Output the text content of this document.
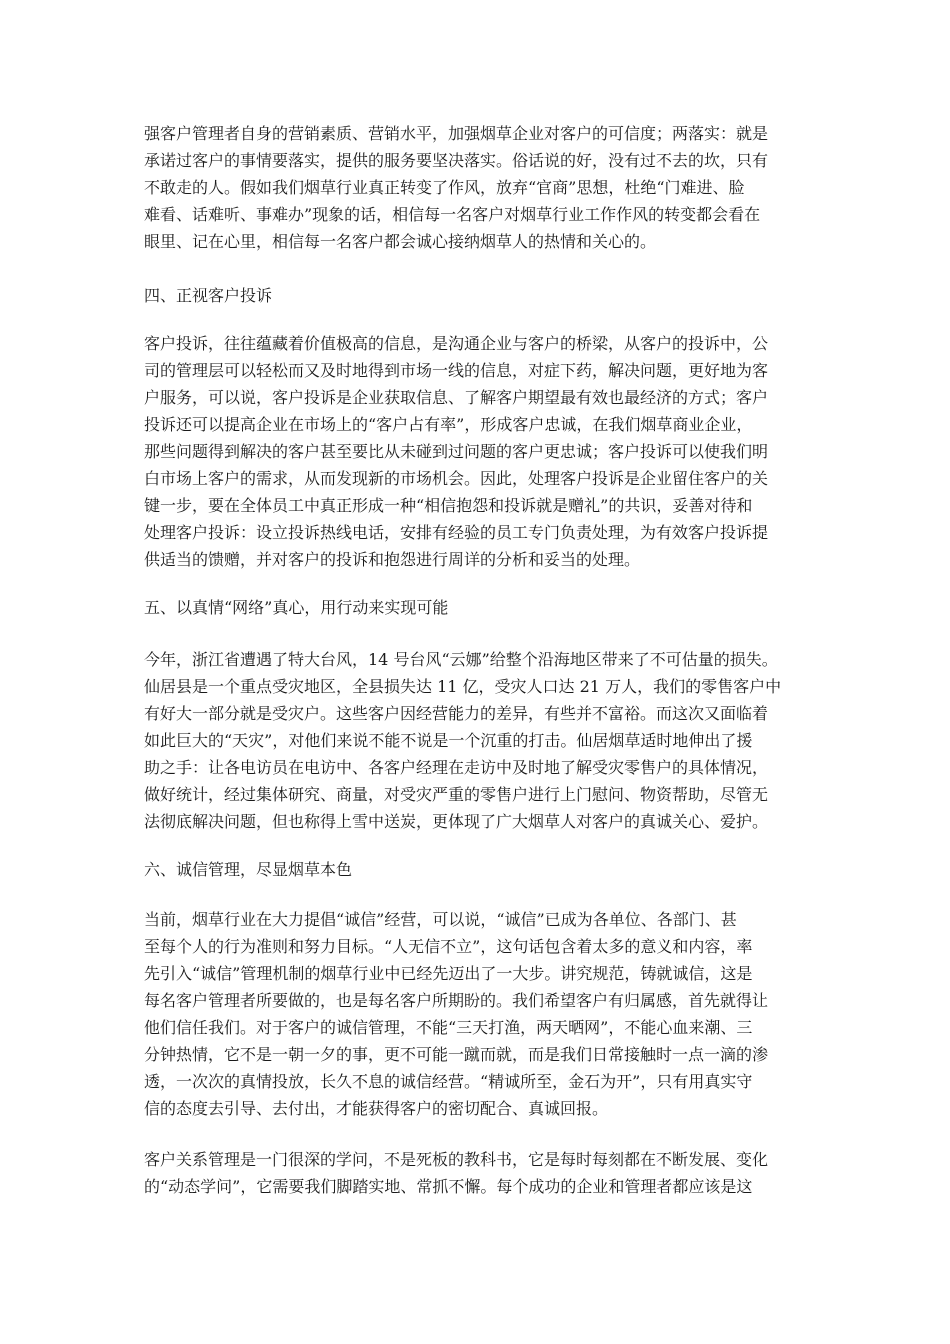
强客户管理者自身的营销素质、营销水平，加强烟草企业对客户的可信度；两落实：就是
承诺过客户的事情要落实，提供的服务要坚决落实。俗话说的好，没有过不去的坎，只有
不敢走的人。假如我们烟草行业真正转变了作风，放弃“官商”思想，杜绝“门难进、脸
难看、话难听、事难办”现象的话，相信每一名客户对烟草行业工作作风的转变都会看在
眼里、记在心里，相信每一名客户都会诚心接纳烟草人的热情和关心的。
四、正视客户投诉
客户投诉，往往蕴藏着价值极高的信息，是沟通企业与客户的桥梁，从客户的投诉中，公
司的管理层可以轻松而又及时地得到市场一线的信息，对症下药，解决问题，更好地为客
户服务，可以说，客户投诉是企业获取信息、了解客户期望最有效也最经济的方式；客户
投诉还可以提高企业在市场上的“客户占有率”，形成客户忠诚，在我们烟草商业企业，
那些问题得到解决的客户甚至要比从未碰到过问题的客户更忠诚；客户投诉可以使我们明
白市场上客户的需求，从而发现新的市场机会。因此，处理客户投诉是企业留住客户的关
键一步，要在全体员工中真正形成一种“相信抱怨和投诉就是赠礼”的共识，妥善对待和
处理客户投诉：设立投诉热线电话，安排有经验的员工专门负责处理，为有效客户投诉提
供适当的馈赠，并对客户的投诉和抱怨进行周详的分析和妥当的处理。
五、以真情“网络”真心，用行动来实现可能
今年，浙江省遭遇了特大台风，14 号台风“云娜”给整个沿海地区带来了不可估量的损失。
仙居县是一个重点受灾地区，全县损失达 11 亿，受灾人口达 21 万人，我们的零售客户中
有好大一部分就是受灾户。这些客户因经营能力的差异，有些并不富裕。而这次又面临着
如此巨大的“天灾”，对他们来说不能不说是一个沉重的打击。仙居烟草适时地伸出了援
助之手：让各电访员在电访中、各客户经理在走访中及时地了解受灾零售户的具体情况，
做好统计，经过集体研究、商量，对受灾严重的零售户进行上门慰问、物资帮助，尽管无
法彻底解决问题，但也称得上雪中送炭，更体现了广大烟草人对客户的真诚关心、爱护。
六、诚信管理，尽显烟草本色
当前，烟草行业在大力提倡“诚信”经营，可以说，“诚信”已成为各单位、各部门、甚
至每个人的行为准则和努力目标。“人无信不立”，这句话包含着太多的意义和内容，率
先引入“诚信”管理机制的烟草行业中已经先迈出了一大步。讲究规范，铸就诚信，这是
每名客户管理者所要做的，也是每名客户所期盼的。我们希望客户有归属感，首先就得让
他们信任我们。对于客户的诚信管理，不能“三天打渔，两天晒网”，不能心血来潮、三
分钟热情，它不是一朝一夕的事，更不可能一蹴而就，而是我们日常接触时一点一滴的渗
透，一次次的真情投放，长久不息的诚信经营。“精诚所至，金石为开”，只有用真实守
信的态度去引导、去付出，才能获得客户的密切配合、真诚回报。
客户关系管理是一门很深的学问，不是死板的教科书，它是每时每刻都在不断发展、变化
的“动态学问”，它需要我们脚踏实地、常抓不懈。每个成功的企业和管理者都应该是这
